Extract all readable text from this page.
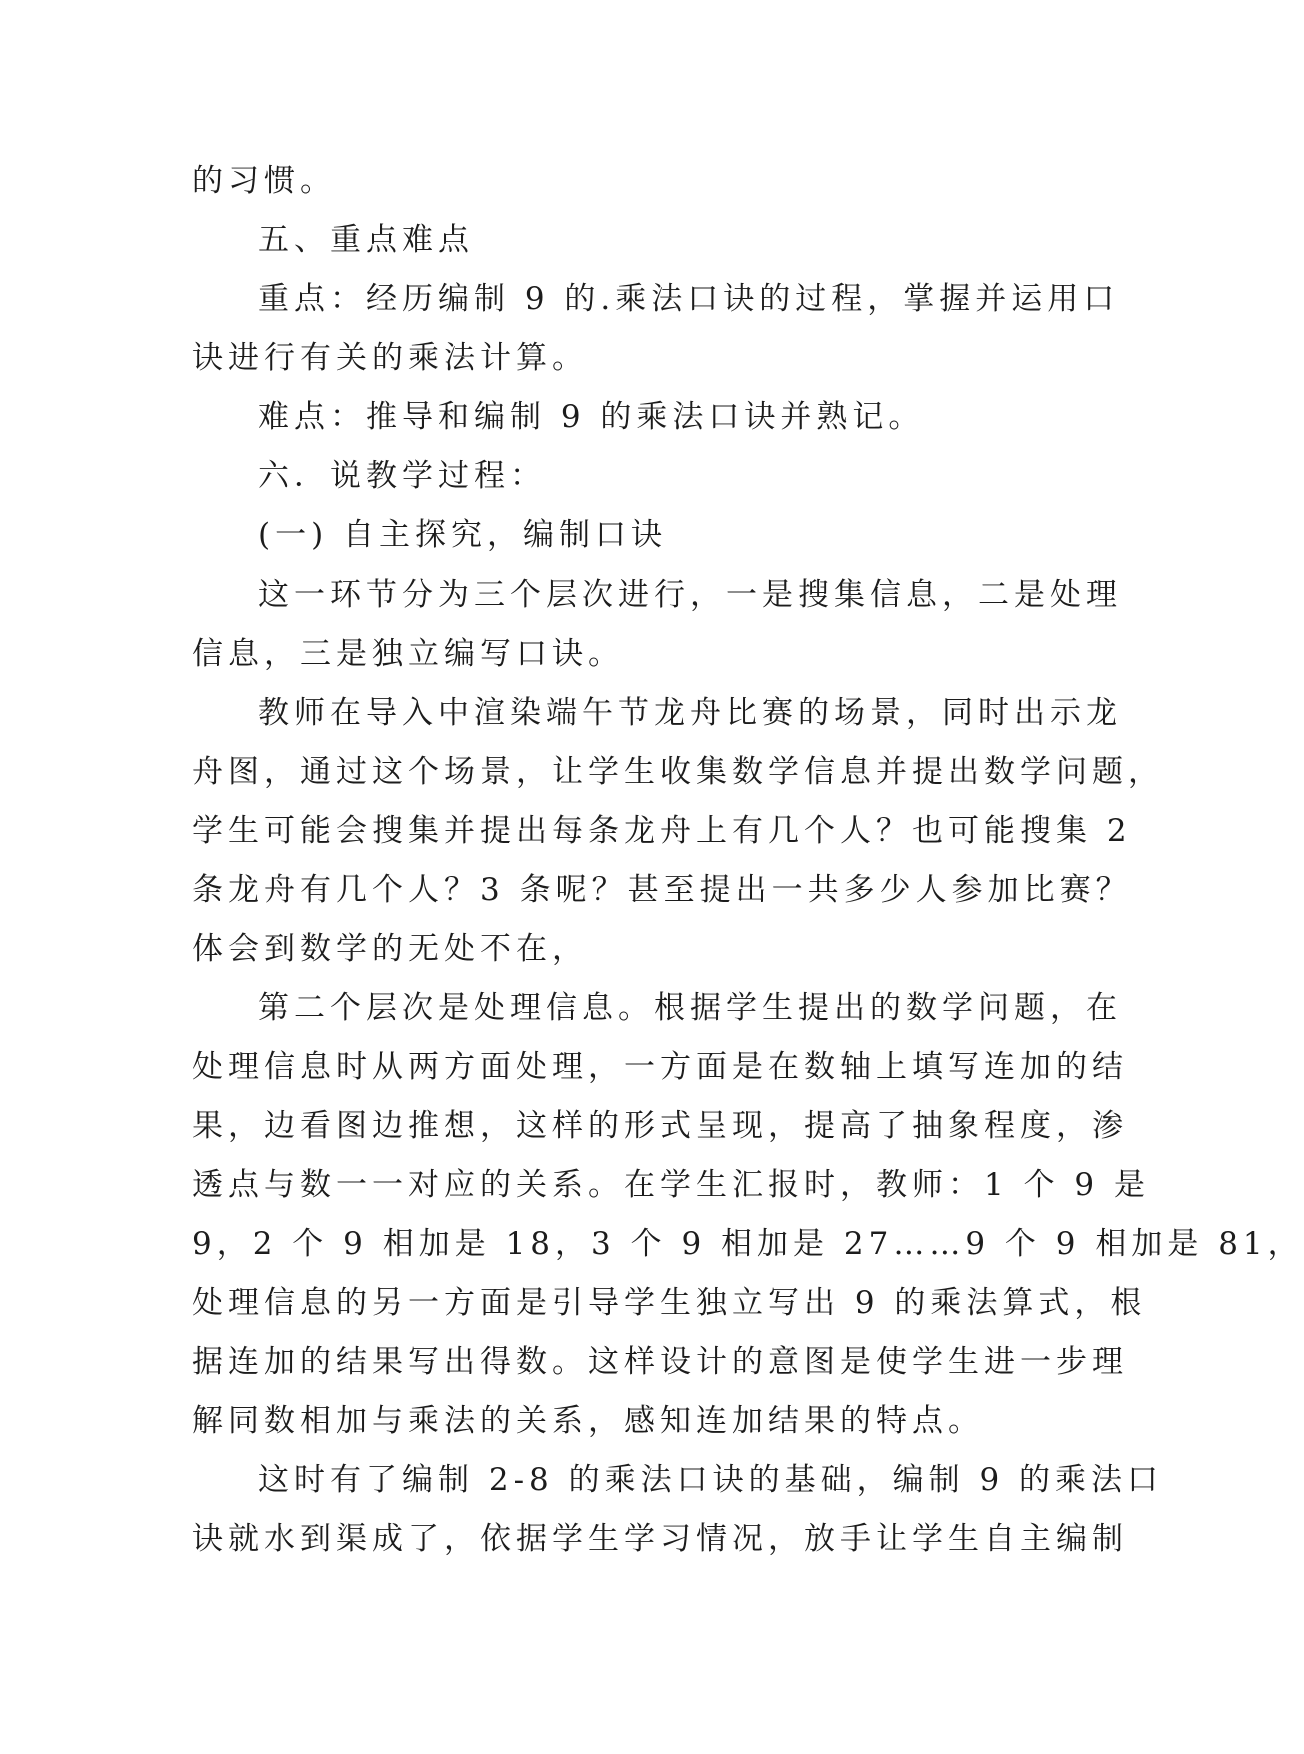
的习惯。
五、重点难点
重点：经历编制 9 的.乘法口诀的过程，掌握并运用口
诀进行有关的乘法计算。
难点：推导和编制 9 的乘法口诀并熟记。
六．说教学过程：
(一) 自主探究，编制口诀
这一环节分为三个层次进行，一是搜集信息，二是处理
信息，三是独立编写口诀。
教师在导入中渲染端午节龙舟比赛的场景，同时出示龙
舟图，通过这个场景，让学生收集数学信息并提出数学问题，
学生可能会搜集并提出每条龙舟上有几个人？也可能搜集 2
条龙舟有几个人？3 条呢？甚至提出一共多少人参加比赛？
体会到数学的无处不在，
第二个层次是处理信息。根据学生提出的数学问题，在
处理信息时从两方面处理，一方面是在数轴上填写连加的结
果，边看图边推想，这样的形式呈现，提高了抽象程度，渗
透点与数一一对应的关系。在学生汇报时，教师：1 个 9 是
9，2 个 9 相加是 18，3 个 9 相加是 27……9 个 9 相加是 81，
处理信息的另一方面是引导学生独立写出 9 的乘法算式，根
据连加的结果写出得数。这样设计的意图是使学生进一步理
解同数相加与乘法的关系，感知连加结果的特点。
这时有了编制 2-8 的乘法口诀的基础，编制 9 的乘法口
诀就水到渠成了，依据学生学习情况，放手让学生自主编制
